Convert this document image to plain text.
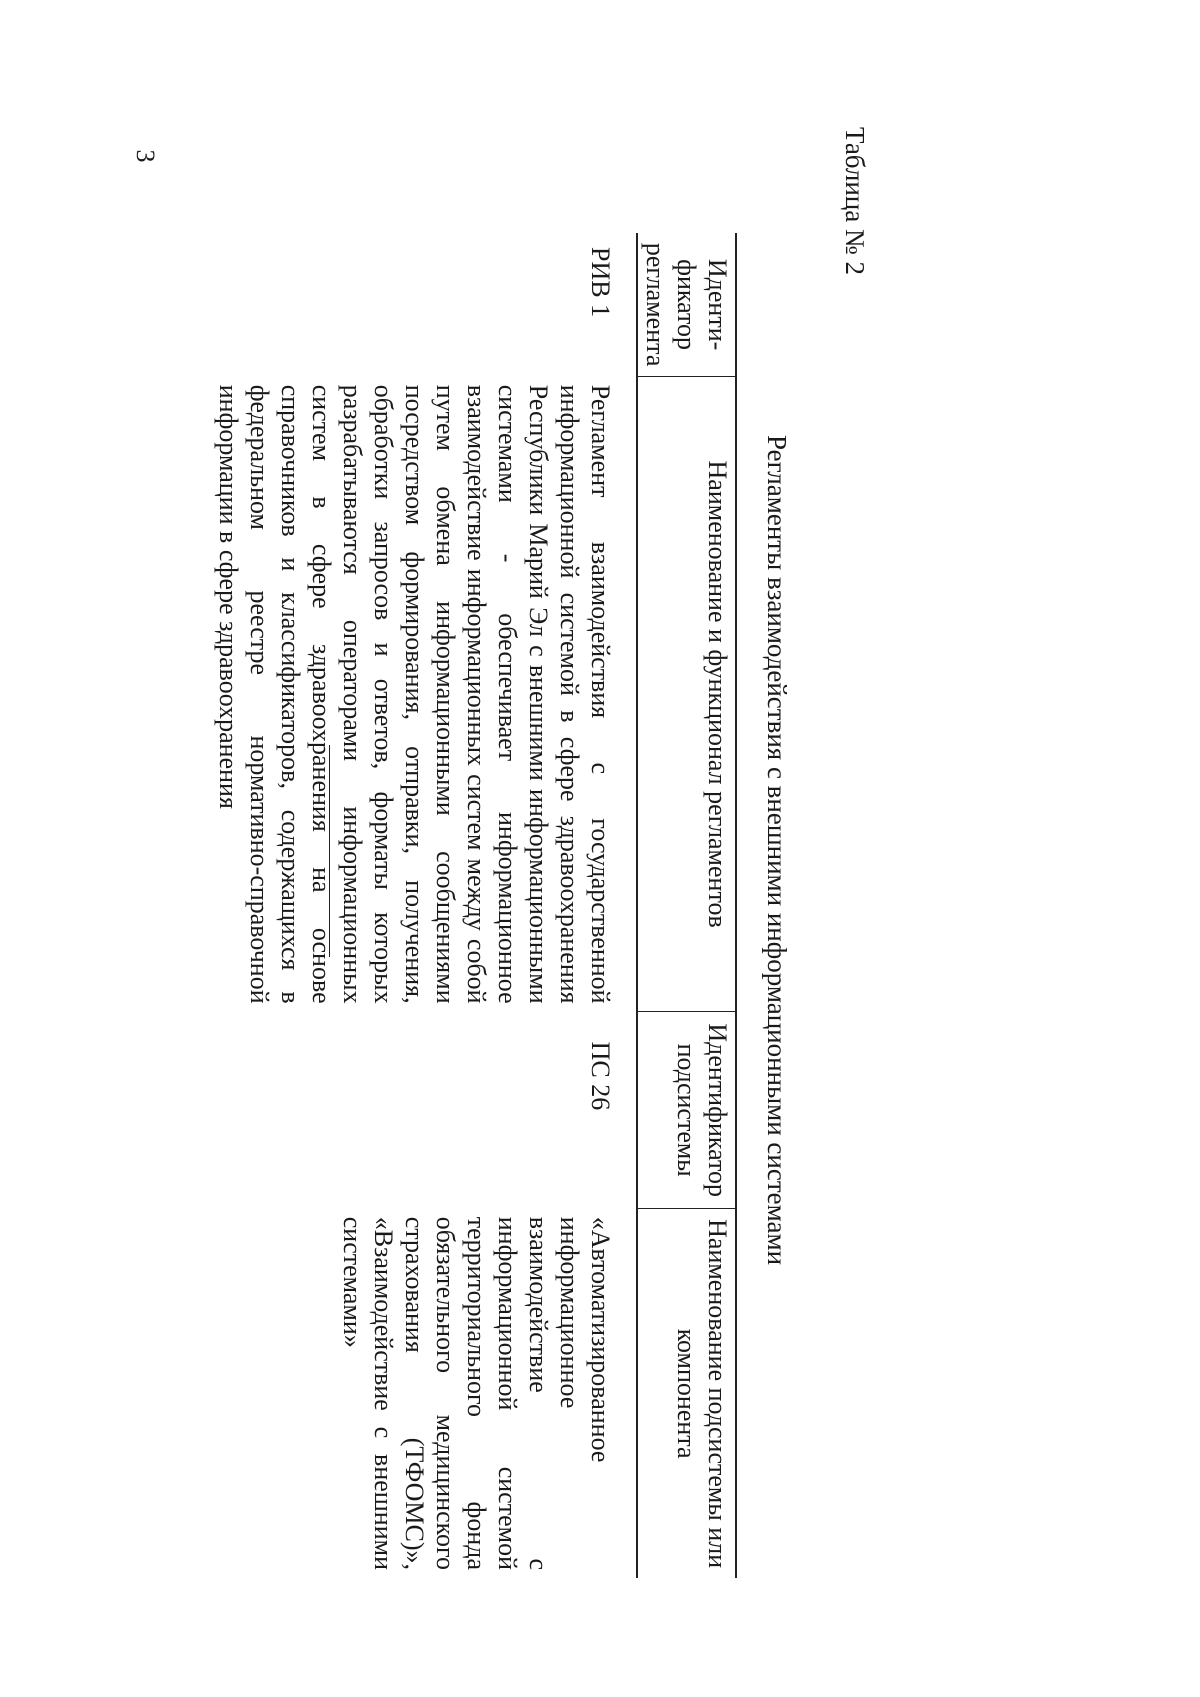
3	Таблица № 2
Регламенты взаимодействия с внешними информационными системами
Иденти-фикатор регламента	Наименование и функционал регламентов	Идентификатор подсистемы	Наименование подсистемы или компонента
РИВ 1	Регламент взаимодействия с государственной информационной системой в сфере здравоохранения Республики Марий Эл с внешними информационными системами - обеспечивает информационное взаимодействие информационных систем между собой путем обмена информационными сообщениями посредством формирования, отправки, получения, обработки запросов и ответов, форматы которых разрабатываются операторами информационных систем в сфере здравоохранения на основе справочников и классификаторов, содержащихся в федеральном реестре нормативно-справочной информации в сфере здравоохранения	ПС 26	«Автоматизированное информационное взаимодействие с информационной системой территориального фонда обязательного медицинского страхования (ТФОМС)», «Взаимодействие с внешними системами»
